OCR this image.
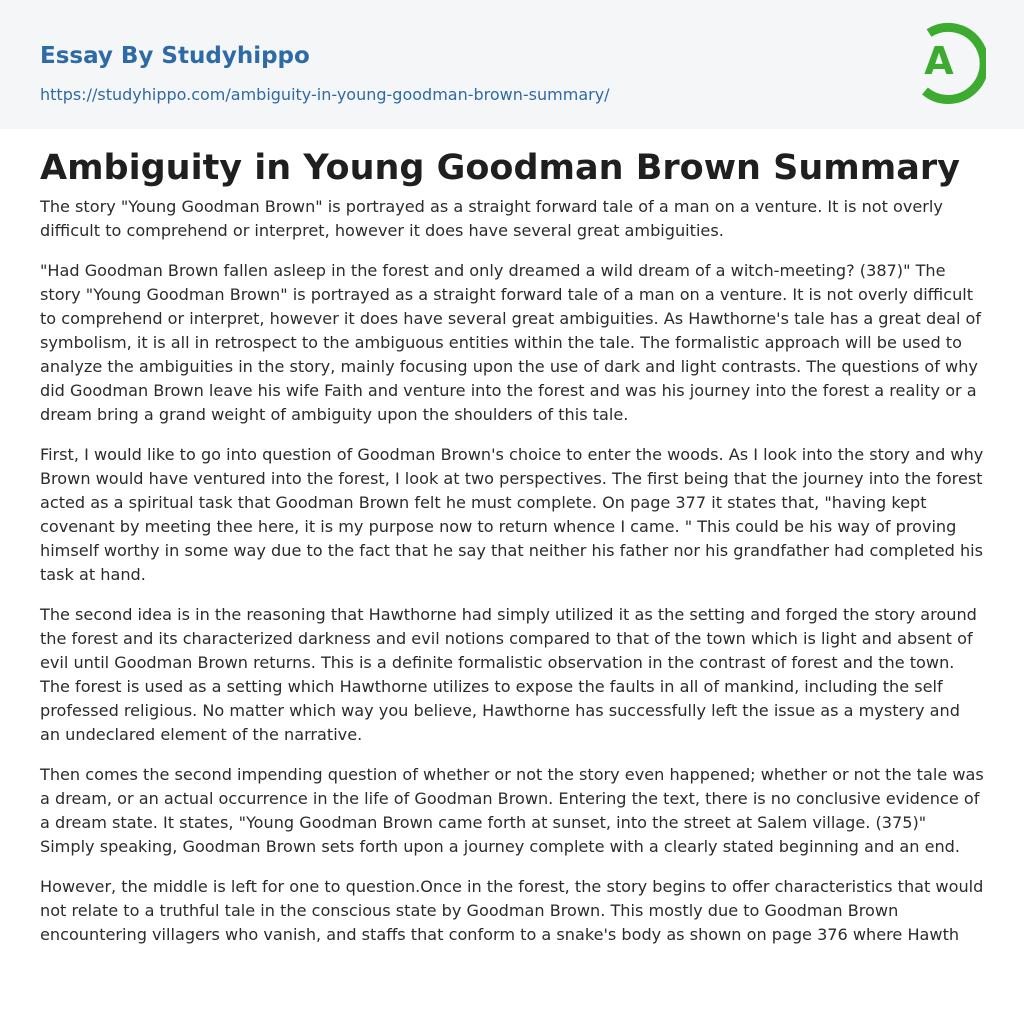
Essay By Studyhippo
https://studyhippo.com/ambiguity-in-young-goodman-brown-summary/
A
Ambiguity in Young Goodman Brown Summary

The story "Young Goodman Brown" is portrayed as a straight forward tale of a man on a venture. It is not overly difficult to comprehend or interpret, however it does have several great ambiguities.

"Had Goodman Brown fallen asleep in the forest and only dreamed a wild dream of a witch-meeting? (387)" The story "Young Goodman Brown" is portrayed as a straight forward tale of a man on a venture. It is not overly difficult to comprehend or interpret, however it does have several great ambiguities. As Hawthorne's tale has a great deal of symbolism, it is all in retrospect to the ambiguous entities within the tale. The formalistic approach will be used to analyze the ambiguities in the story, mainly focusing upon the use of dark and light contrasts. The questions of why did Goodman Brown leave his wife Faith and venture into the forest and was his journey into the forest a reality or a dream bring a grand weight of ambiguity upon the shoulders of this tale.

First, I would like to go into question of Goodman Brown's choice to enter the woods. As I look into the story and why Brown would have ventured into the forest, I look at two perspectives. The first being that the journey into the forest acted as a spiritual task that Goodman Brown felt he must complete. On page 377 it states that, "having kept covenant by meeting thee here, it is my purpose now to return whence I came. " This could be his way of proving himself worthy in some way due to the fact that he say that neither his father nor his grandfather had completed his task at hand.

The second idea is in the reasoning that Hawthorne had simply utilized it as the setting and forged the story around the forest and its characterized darkness and evil notions compared to that of the town which is light and absent of evil until Goodman Brown returns. This is a definite formalistic observation in the contrast of forest and the town. The forest is used as a setting which Hawthorne utilizes to expose the faults in all of mankind, including the self professed religious. No matter which way you believe, Hawthorne has successfully left the issue as a mystery and an undeclared element of the narrative.

Then comes the second impending question of whether or not the story even happened; whether or not the tale was a dream, or an actual occurrence in the life of Goodman Brown. Entering the text, there is no conclusive evidence of a dream state. It states, "Young Goodman Brown came forth at sunset, into the street at Salem village. (375)" Simply speaking, Goodman Brown sets forth upon a journey complete with a clearly stated beginning and an end.

However, the middle is left for one to question.Once in the forest, the story begins to offer characteristics that would not relate to a truthful tale in the conscious state by Goodman Brown. This mostly due to Goodman Brown encountering villagers who vanish, and staffs that conform to a snake's body as shown on page 376 where Hawth
